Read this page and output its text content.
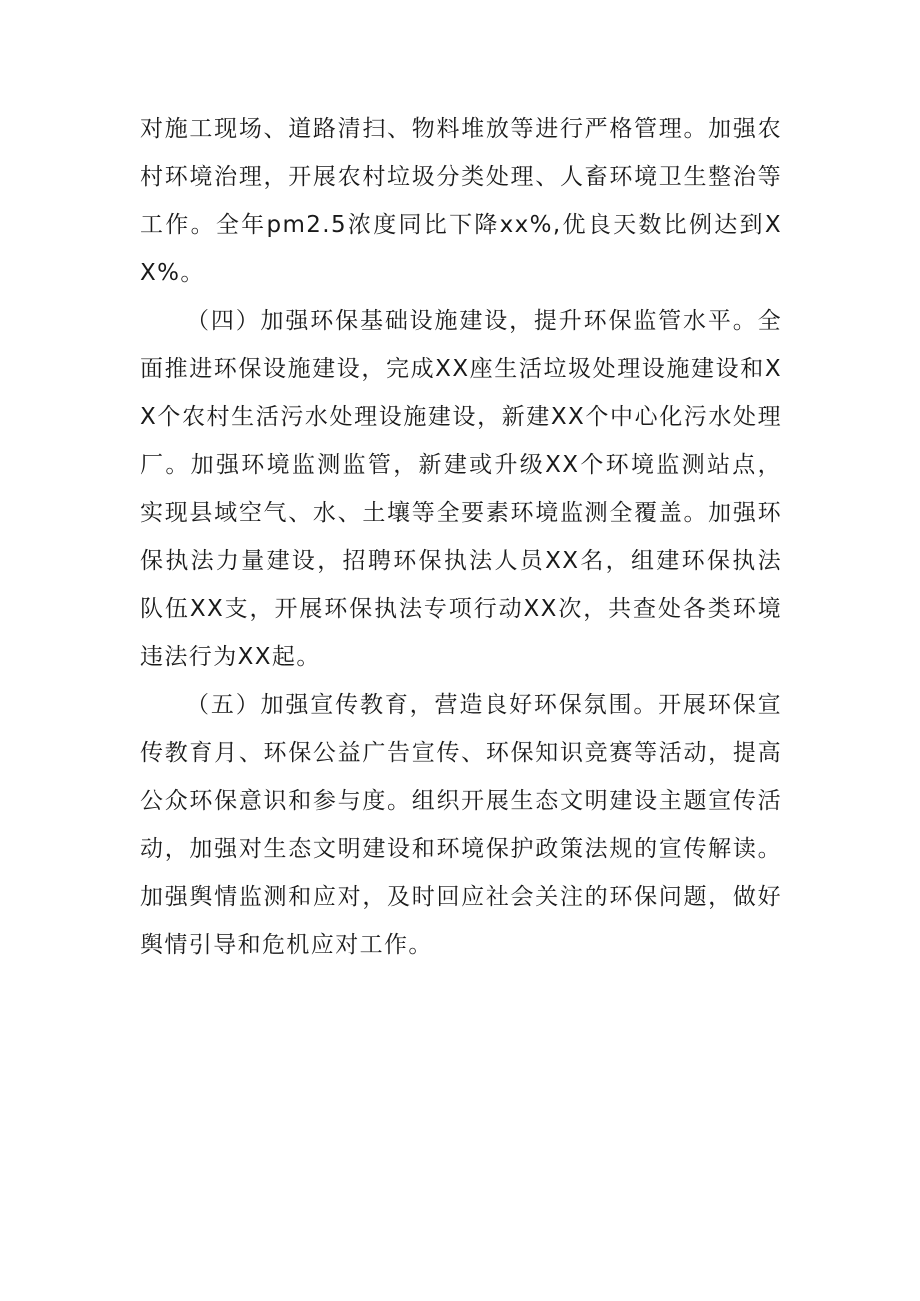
对施工现场、道路清扫、物料堆放等进行严格管理。加强农村环境治理，开展农村垃圾分类处理、人畜环境卫生整治等工作。全年pm2.5浓度同比下降xx%,优良天数比例达到XX%。

（四）加强环保基础设施建设，提升环保监管水平。全面推进环保设施建设，完成XX座生活垃圾处理设施建设和XX个农村生活污水处理设施建设，新建XX个中心化污水处理厂。加强环境监测监管，新建或升级XX个环境监测站点，实现县域空气、水、土壤等全要素环境监测全覆盖。加强环保执法力量建设，招聘环保执法人员XX名，组建环保执法队伍XX支，开展环保执法专项行动XX次，共查处各类环境违法行为XX起。

（五）加强宣传教育，营造良好环保氛围。开展环保宣传教育月、环保公益广告宣传、环保知识竞赛等活动，提高公众环保意识和参与度。组织开展生态文明建设主题宣传活动，加强对生态文明建设和环境保护政策法规的宣传解读。加强舆情监测和应对，及时回应社会关注的环保问题，做好舆情引导和危机应对工作。
